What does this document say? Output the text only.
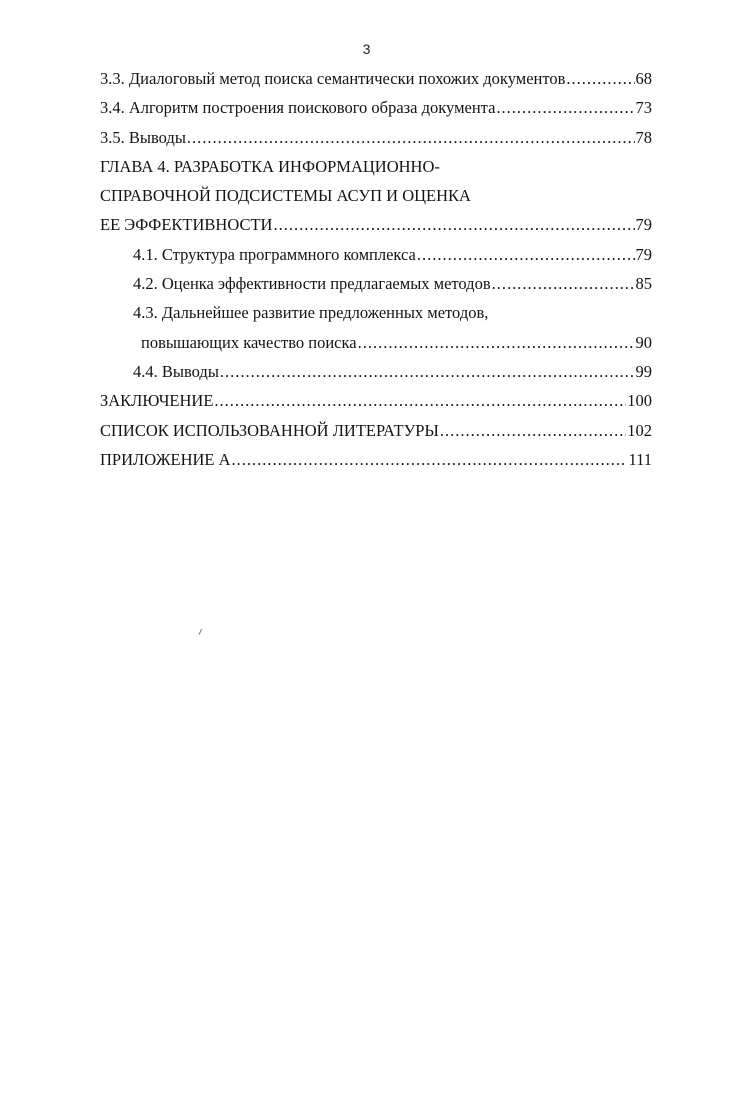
3
3.3. Диалоговый метод поиска семантически похожих документов .....	68
3.4. Алгоритм построения поискового образа документа .....	73
3.5. Выводы .....	78
ГЛАВА 4. РАЗРАБОТКА ИНФОРМАЦИОННО-
СПРАВОЧНОЙ ПОДСИСТЕМЫ АСУП И ОЦЕНКА
ЕЕ ЭФФЕКТИВНОСТИ .....	79
4.1. Структура программного комплекса .....	79
4.2. Оценка эффективности предлагаемых методов .....	85
4.3. Дальнейшее развитие предложенных методов,
повышающих качество поиска .....	90
4.4. Выводы .....	99
ЗАКЛЮЧЕНИЕ .....	100
СПИСОК ИСПОЛЬЗОВАННОЙ ЛИТЕРАТУРЫ .....	102
ПРИЛОЖЕНИЕ А .....	111
